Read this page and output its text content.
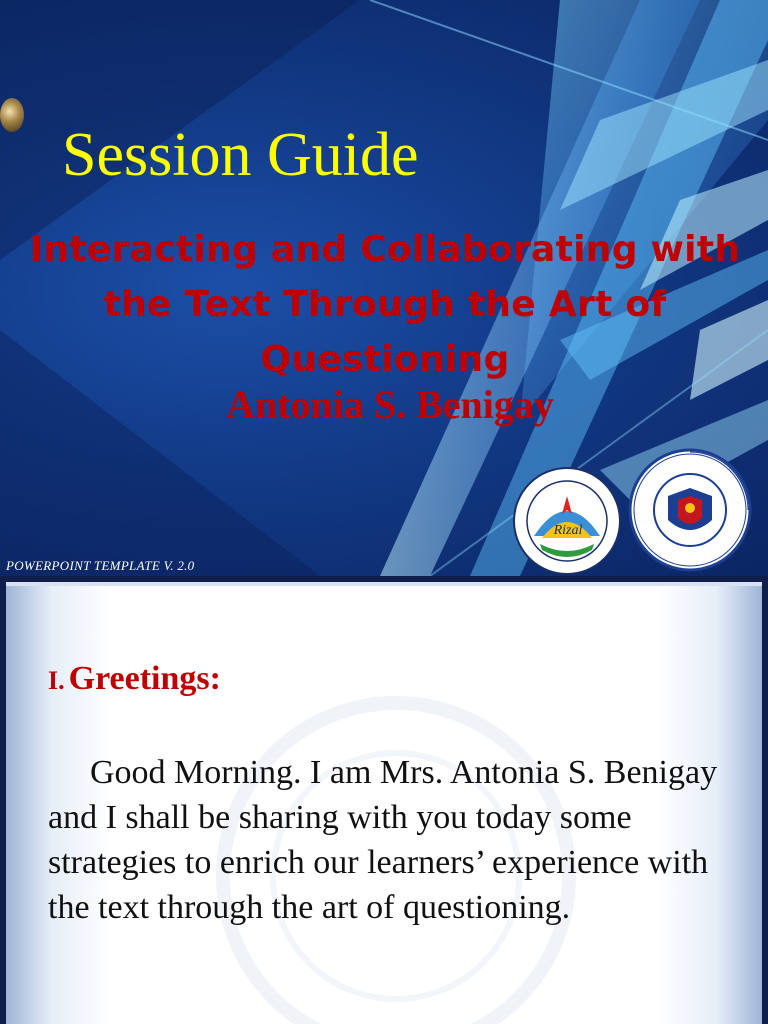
Session Guide
Interacting and Collaborating with the Text Through the Art of Questioning
Antonia S. Benigay
Rizal
POWERPOINT TEMPLATE V. 2.0
I. Greetings:

Good Morning. I am Mrs. Antonia S. Benigay and I shall be sharing with you today some strategies to enrich our learners’ experience with the text through the art of questioning.
